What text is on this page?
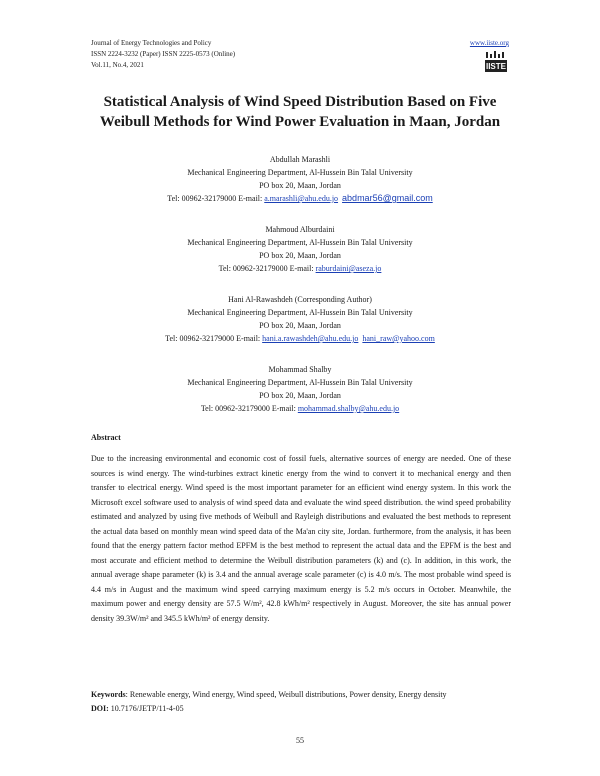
Journal of Energy Technologies and Policy
ISSN 2224-3232 (Paper) ISSN 2225-0573 (Online)
Vol.11, No.4, 2021
www.iiste.org
IISTE
Statistical Analysis of Wind Speed Distribution Based on Five
Weibull Methods for Wind Power Evaluation in Maan, Jordan
Abdullah Marashli
Mechanical Engineering Department, Al-Hussein Bin Talal University
PO box 20, Maan, Jordan
Tel: 00962-32179000 E-mail: a.marashli@ahu.edu.jo abdmar56@gmail.com
Mahmoud Alburdaini
Mechanical Engineering Department, Al-Hussein Bin Talal University
PO box 20, Maan, Jordan
Tel: 00962-32179000 E-mail: raburdaini@aseza.jo
Hani Al-Rawashdeh (Corresponding Author)
Mechanical Engineering Department, Al-Hussein Bin Talal University
PO box 20, Maan, Jordan
Tel: 00962-32179000 E-mail: hani.a.rawashdeh@ahu.edu.jo hani_raw@yahoo.com
Mohammad Shalby
Mechanical Engineering Department, Al-Hussein Bin Talal University
PO box 20, Maan, Jordan
Tel: 00962-32179000 E-mail: mohammad.shalby@ahu.edu.jo
Abstract
Due to the increasing environmental and economic cost of fossil fuels, alternative sources of energy are needed. One of these sources is wind energy. The wind-turbines extract kinetic energy from the wind to convert it to mechanical energy and then transfer to electrical energy. Wind speed is the most important parameter for an efficient wind energy system. In this work the Microsoft excel software used to analysis of wind speed data and evaluate the wind speed distribution. the wind speed probability estimated and analyzed by using five methods of Weibull and Rayleigh distributions and evaluated the best methods to represent the actual data based on monthly mean wind speed data of the Ma'an city site, Jordan. furthermore, from the analysis, it has been found that the energy pattern factor method EPFM is the best method to represent the actual data and the EPFM is the best and most accurate and efficient method to determine the Weibull distribution parameters (k) and (c). In addition, in this work, the annual average shape parameter (k) is 3.4 and the annual average scale parameter (c) is 4.0 m/s. The most probable wind speed is 4.4 m/s in August and the maximum wind speed carrying maximum energy is 5.2 m/s occurs in October. Meanwhile, the maximum power and energy density are 57.5 W/m², 42.8 kWh/m² respectively in August. Moreover, the site has annual power density 39.3W/m² and 345.5 kWh/m² of energy density.
Keywords: Renewable energy, Wind energy, Wind speed, Weibull distributions, Power density, Energy density
DOI: 10.7176/JETP/11-4-05
55
